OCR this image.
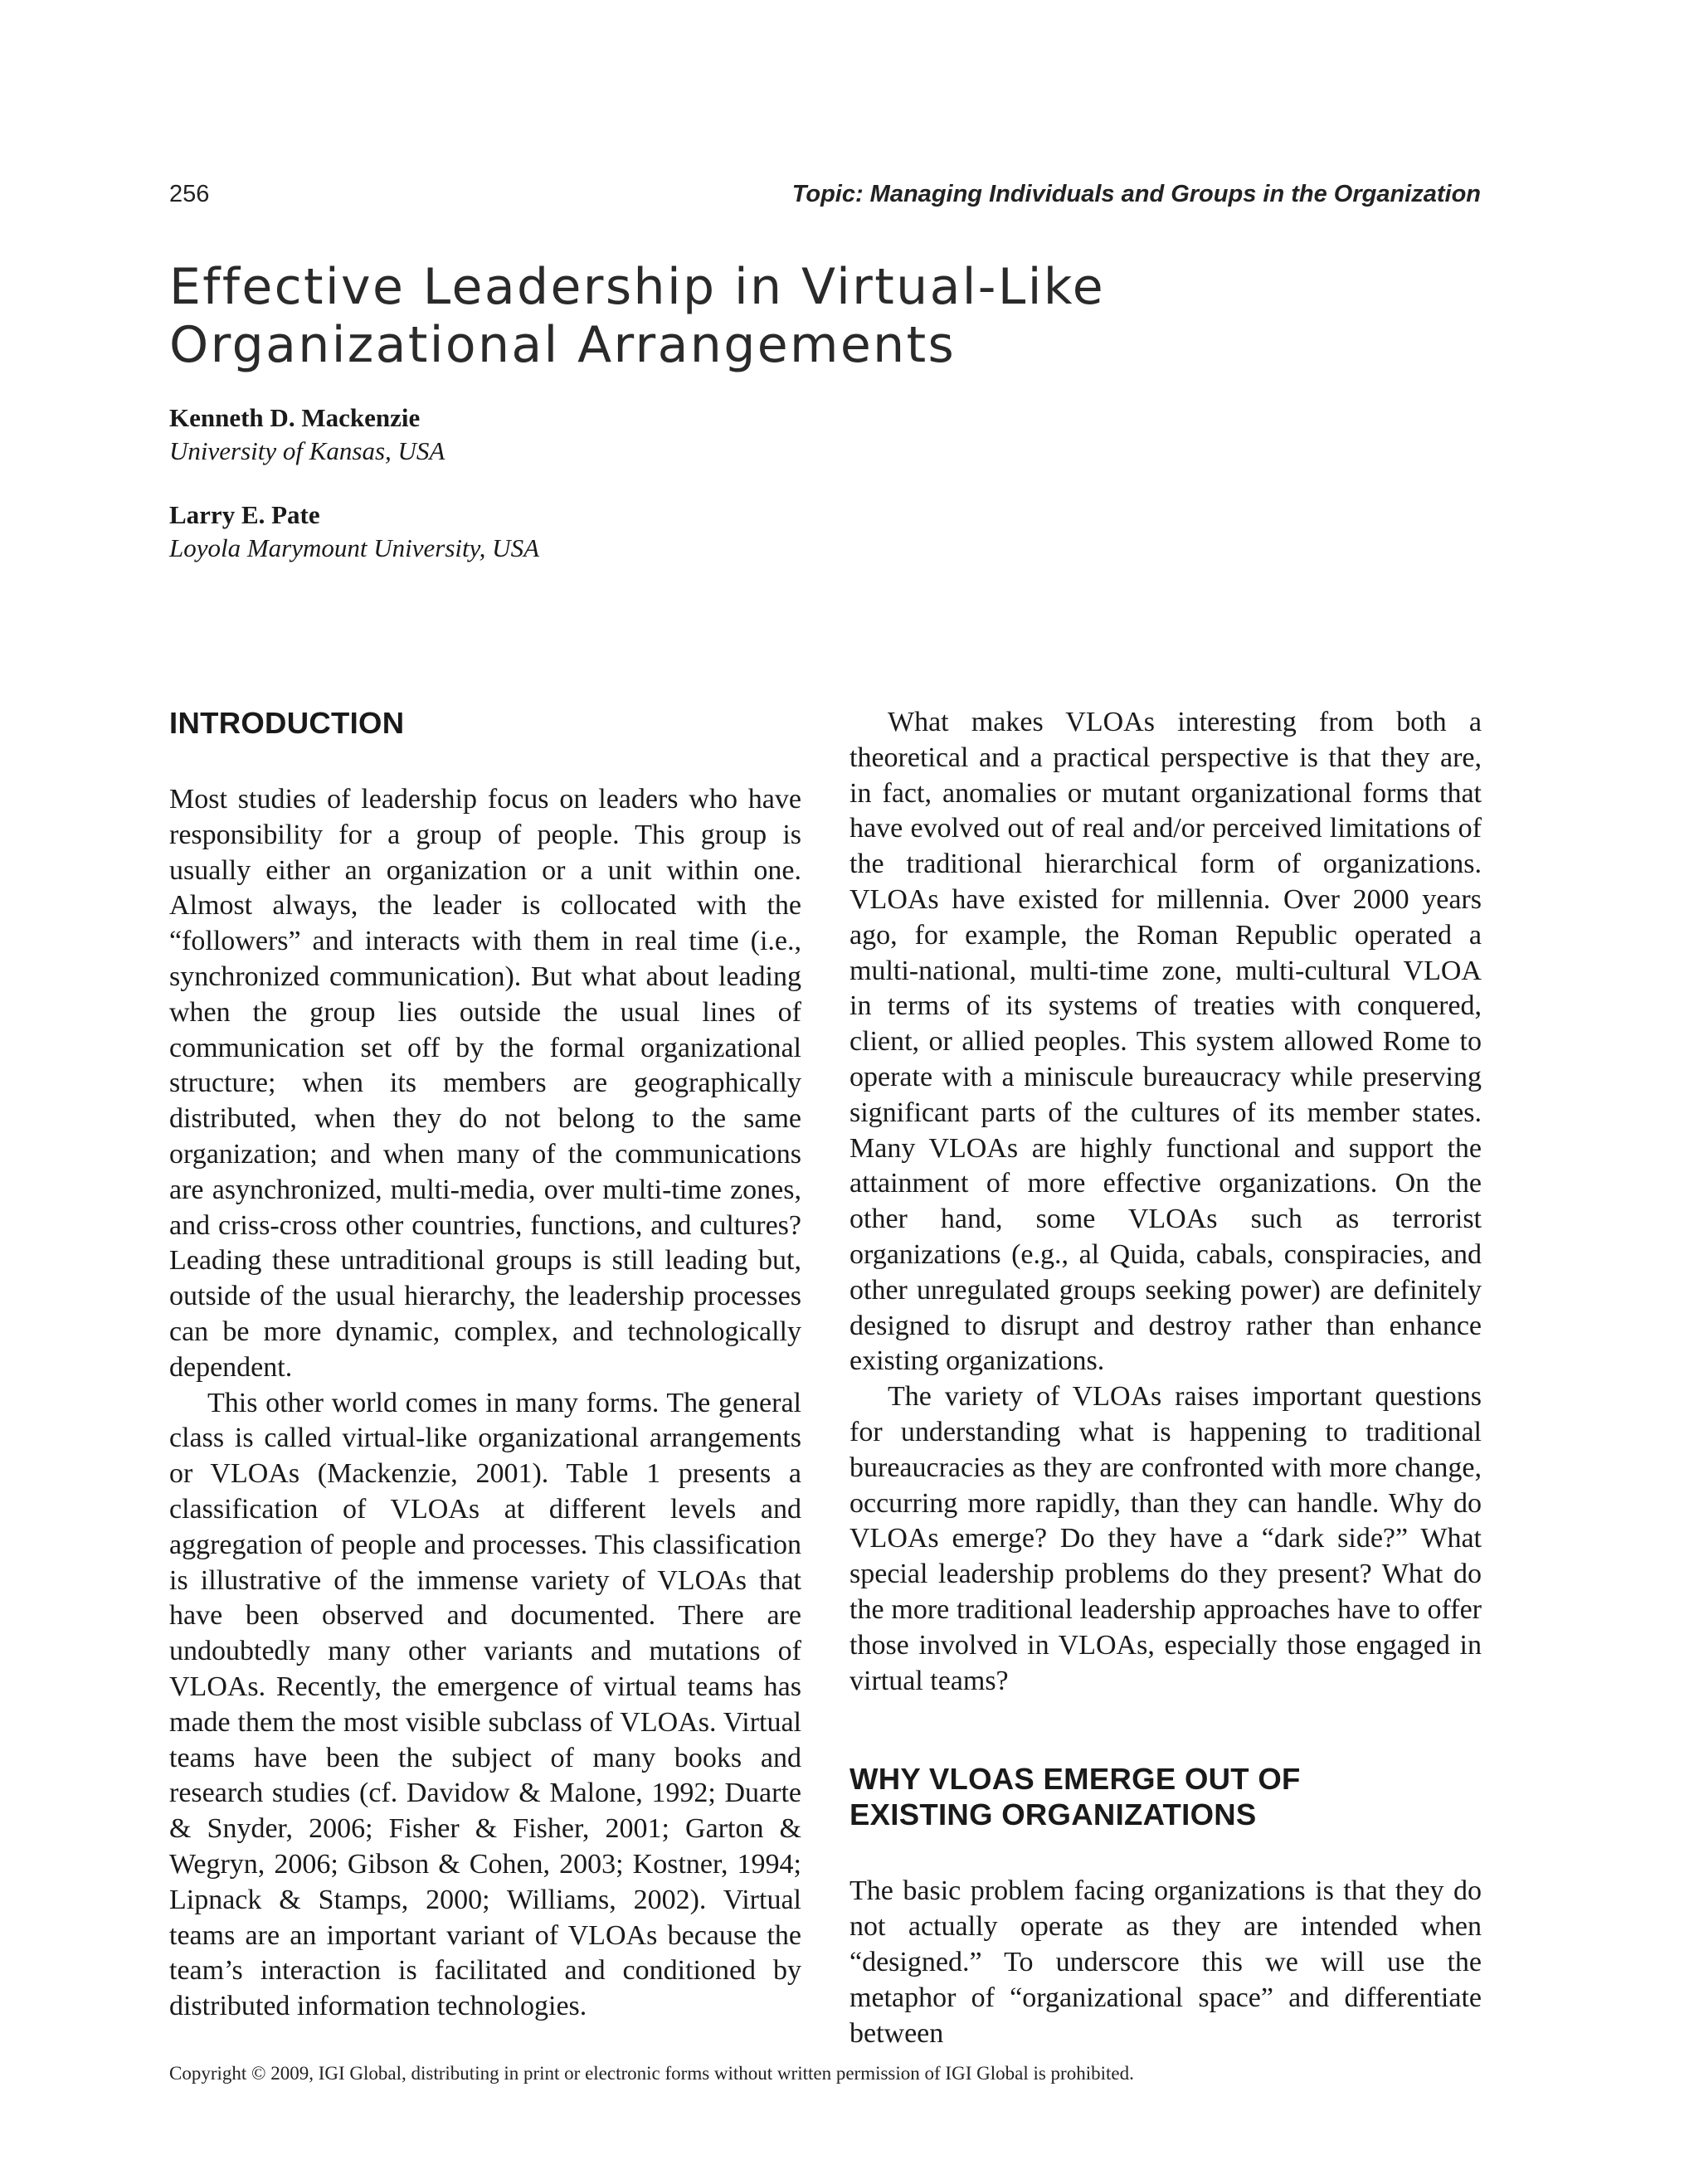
256	Topic: Managing Individuals and Groups in the Organization
Effective Leadership in Virtual-Like
Organizational Arrangements
Kenneth D. Mackenzie
University of Kansas, USA
Larry E. Pate
Loyola Marymount University, USA
INTRODUCTION

Most studies of leadership focus on leaders who have responsibility for a group of people. This group is usually either an organization or a unit within one. Almost always, the leader is collocated with the “followers” and interacts with them in real time (i.e., synchronized communication). But what about leading when the group lies outside the usual lines of communication set off by the formal organizational structure; when its members are geographically distributed, when they do not belong to the same organization; and when many of the communications are asynchronized, multi-media, over multi-time zones, and criss-cross other countries, functions, and cultures? Leading these untraditional groups is still leading but, outside of the usual hierarchy, the leadership processes can be more dynamic, complex, and technologically dependent.

This other world comes in many forms. The general class is called virtual-like organizational arrangements or VLOAs (Mackenzie, 2001). Table 1 presents a classification of VLOAs at different levels and aggregation of people and processes. This classification is illustrative of the immense variety of VLOAs that have been observed and documented. There are undoubtedly many other variants and mutations of VLOAs. Recently, the emergence of virtual teams has made them the most visible subclass of VLOAs. Virtual teams have been the subject of many books and research studies (cf. Davidow & Malone, 1992; Duarte & Snyder, 2006; Fisher & Fisher, 2001; Garton & Wegryn, 2006; Gibson & Cohen, 2003; Kostner, 1994; Lipnack & Stamps, 2000; Williams, 2002). Virtual teams are an important variant of VLOAs because the team’s interaction is facilitated and conditioned by distributed information technologies.

What makes VLOAs interesting from both a theoretical and a practical perspective is that they are, in fact, anomalies or mutant organizational forms that have evolved out of real and/or perceived limitations of the traditional hierarchical form of organizations. VLOAs have existed for millennia. Over 2000 years ago, for example, the Roman Republic operated a multi-national, multi-time zone, multi-cultural VLOA in terms of its systems of treaties with conquered, client, or allied peoples. This system allowed Rome to operate with a miniscule bureaucracy while preserving significant parts of the cultures of its member states. Many VLOAs are highly functional and support the attainment of more effective organizations. On the other hand, some VLOAs such as terrorist organizations (e.g., al Quida, cabals, conspiracies, and other unregulated groups seeking power) are definitely designed to disrupt and destroy rather than enhance existing organizations.

The variety of VLOAs raises important questions for understanding what is happening to traditional bureaucracies as they are confronted with more change, occurring more rapidly, than they can handle. Why do VLOAs emerge? Do they have a “dark side?” What special leadership problems do they present? What do the more traditional leadership approaches have to offer those involved in VLOAs, especially those engaged in virtual teams?

WHY VLOAS EMERGE OUT OF
EXISTING ORGANIZATIONS

The basic problem facing organizations is that they do not actually operate as they are intended when “designed.” To underscore this we will use the metaphor of “organizational space” and differentiate between

Copyright © 2009, IGI Global, distributing in print or electronic forms without written permission of IGI Global is prohibited.
